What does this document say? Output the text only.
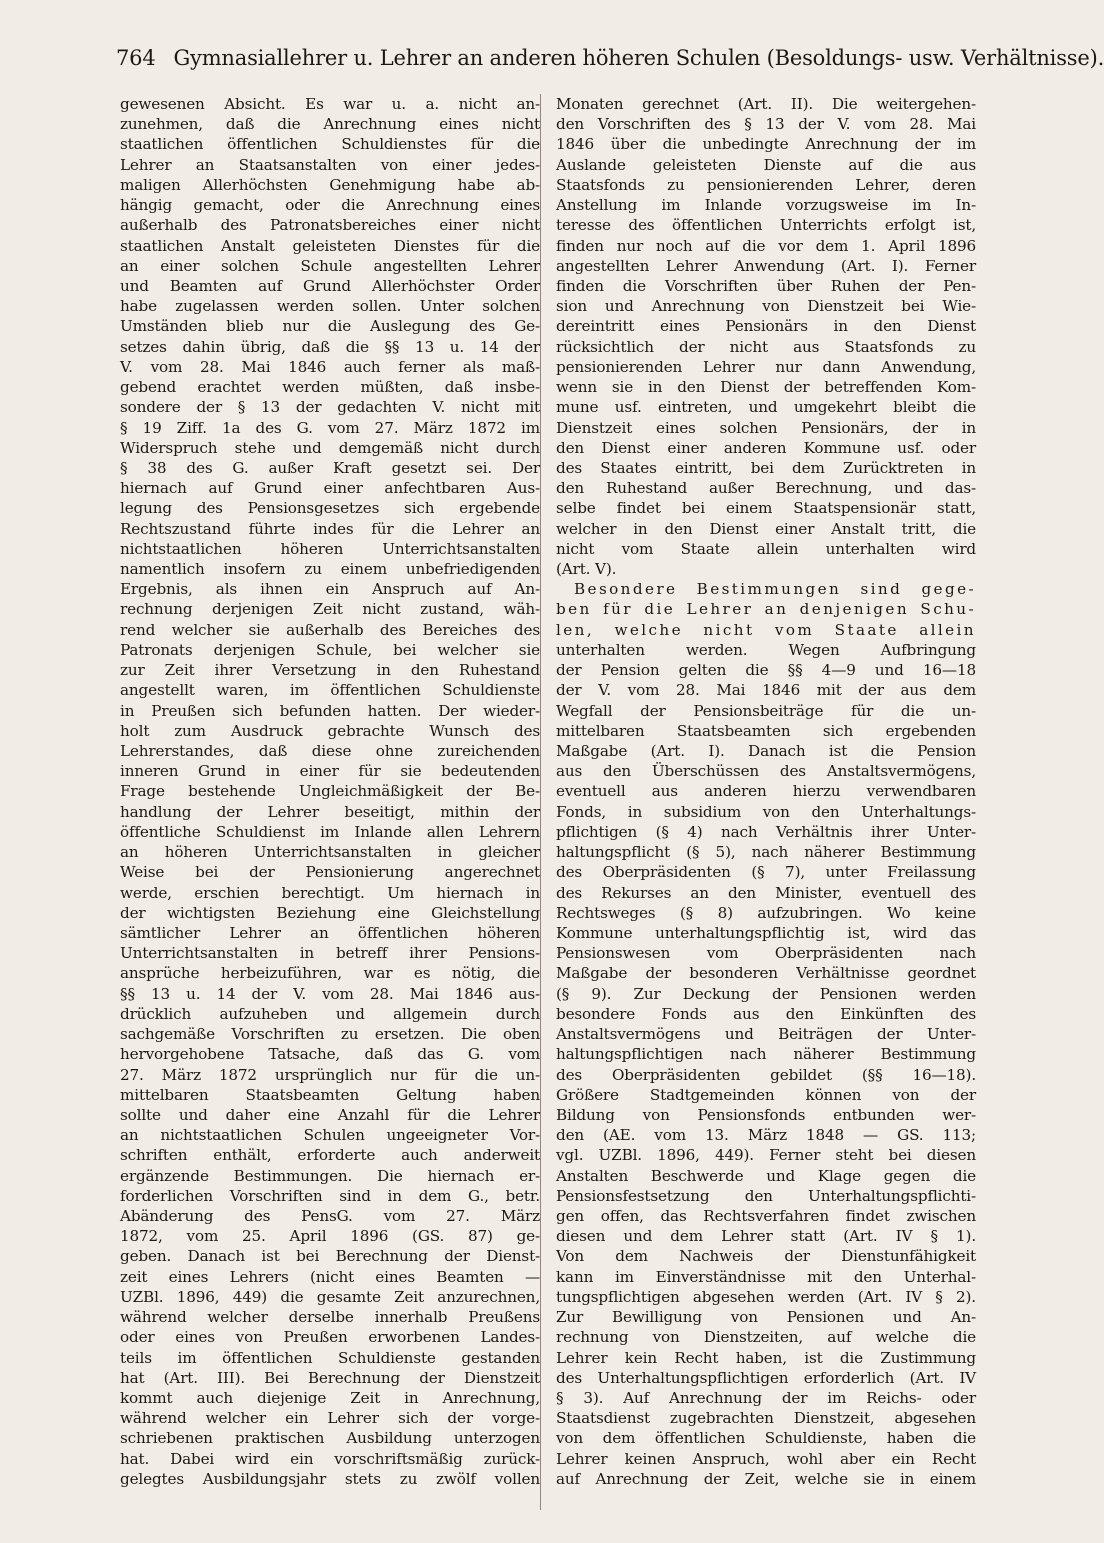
764 Gymnasiallehrer u. Lehrer an anderen höheren Schulen (Besoldungs- usw. Verhältnisse).
gewesenen Absicht. Es war u. a. nicht an-
zunehmen, daß die Anrechnung eines nicht
staatlichen öffentlichen Schuldienstes für die
Lehrer an Staatsanstalten von einer jedes-
maligen Allerhöchsten Genehmigung habe ab-
hängig gemacht, oder die Anrechnung eines
außerhalb des Patronatsbereiches einer nicht
staatlichen Anstalt geleisteten Dienstes für die
an einer solchen Schule angestellten Lehrer
und Beamten auf Grund Allerhöchster Order
habe zugelassen werden sollen. Unter solchen
Umständen blieb nur die Auslegung des Ge-
setzes dahin übrig, daß die §§ 13 u. 14 der
V. vom 28. Mai 1846 auch ferner als maß-
gebend erachtet werden müßten, daß insbe-
sondere der § 13 der gedachten V. nicht mit
§ 19 Ziff. 1a des G. vom 27. März 1872 im
Widerspruch stehe und demgemäß nicht durch
§ 38 des G. außer Kraft gesetzt sei. Der
hiernach auf Grund einer anfechtbaren Aus-
legung des Pensionsgesetzes sich ergebende
Rechtszustand führte indes für die Lehrer an
nichtstaatlichen höheren Unterrichtsanstalten
namentlich insofern zu einem unbefriedigenden
Ergebnis, als ihnen ein Anspruch auf An-
rechnung derjenigen Zeit nicht zustand, wäh-
rend welcher sie außerhalb des Bereiches des
Patronats derjenigen Schule, bei welcher sie
zur Zeit ihrer Versetzung in den Ruhestand
angestellt waren, im öffentlichen Schuldienste
in Preußen sich befunden hatten. Der wieder-
holt zum Ausdruck gebrachte Wunsch des
Lehrerstandes, daß diese ohne zureichenden
inneren Grund in einer für sie bedeutenden
Frage bestehende Ungleichmäßigkeit der Be-
handlung der Lehrer beseitigt, mithin der
öffentliche Schuldienst im Inlande allen Lehrern
an höheren Unterrichtsanstalten in gleicher
Weise bei der Pensionierung angerechnet
werde, erschien berechtigt. Um hiernach in
der wichtigsten Beziehung eine Gleichstellung
sämtlicher Lehrer an öffentlichen höheren
Unterrichtsanstalten in betreff ihrer Pensions-
ansprüche herbeizuführen, war es nötig, die
§§ 13 u. 14 der V. vom 28. Mai 1846 aus-
drücklich aufzuheben und allgemein durch
sachgemäße Vorschriften zu ersetzen. Die oben
hervorgehobene Tatsache, daß das G. vom
27. März 1872 ursprünglich nur für die un-
mittelbaren Staatsbeamten Geltung haben
sollte und daher eine Anzahl für die Lehrer
an nichtstaatlichen Schulen ungeeigneter Vor-
schriften enthält, erforderte auch anderweit
ergänzende Bestimmungen. Die hiernach er-
forderlichen Vorschriften sind in dem G., betr.
Abänderung des PensG. vom 27. März
1872, vom 25. April 1896 (GS. 87) ge-
geben. Danach ist bei Berechnung der Dienst-
zeit eines Lehrers (nicht eines Beamten —
UZBl. 1896, 449) die gesamte Zeit anzurechnen,
während welcher derselbe innerhalb Preußens
oder eines von Preußen erworbenen Landes-
teils im öffentlichen Schuldienste gestanden
hat (Art. III). Bei Berechnung der Dienstzeit
kommt auch diejenige Zeit in Anrechnung,
während welcher ein Lehrer sich der vorge-
schriebenen praktischen Ausbildung unterzogen
hat. Dabei wird ein vorschriftsmäßig zurück-
gelegtes Ausbildungsjahr stets zu zwölf vollen
Monaten gerechnet (Art. II). Die weitergehen-
den Vorschriften des § 13 der V. vom 28. Mai
1846 über die unbedingte Anrechnung der im
Auslande geleisteten Dienste auf die aus
Staatsfonds zu pensionierenden Lehrer, deren
Anstellung im Inlande vorzugsweise im In-
teresse des öffentlichen Unterrichts erfolgt ist,
finden nur noch auf die vor dem 1. April 1896
angestellten Lehrer Anwendung (Art. I). Ferner
finden die Vorschriften über Ruhen der Pen-
sion und Anrechnung von Dienstzeit bei Wie-
dereintritt eines Pensionärs in den Dienst
rücksichtlich der nicht aus Staatsfonds zu
pensionierenden Lehrer nur dann Anwendung,
wenn sie in den Dienst der betreffenden Kom-
mune usf. eintreten, und umgekehrt bleibt die
Dienstzeit eines solchen Pensionärs, der in
den Dienst einer anderen Kommune usf. oder
des Staates eintritt, bei dem Zurücktreten in
den Ruhestand außer Berechnung, und das-
selbe findet bei einem Staatspensionär statt,
welcher in den Dienst einer Anstalt tritt, die
nicht vom Staate allein unterhalten wird
(Art. V).
Besondere Bestimmungen sind gege-
ben für die Lehrer an denjenigen Schu-
len, welche nicht vom Staate allein
unterhalten werden. Wegen Aufbringung
der Pension gelten die §§ 4—9 und 16—18
der V. vom 28. Mai 1846 mit der aus dem
Wegfall der Pensionsbeiträge für die un-
mittelbaren Staatsbeamten sich ergebenden
Maßgabe (Art. I). Danach ist die Pension
aus den Überschüssen des Anstaltsvermögens,
eventuell aus anderen hierzu verwendbaren
Fonds, in subsidium von den Unterhaltungs-
pflichtigen (§ 4) nach Verhältnis ihrer Unter-
haltungspflicht (§ 5), nach näherer Bestimmung
des Oberpräsidenten (§ 7), unter Freilassung
des Rekurses an den Minister, eventuell des
Rechtsweges (§ 8) aufzubringen. Wo keine
Kommune unterhaltungspflichtig ist, wird das
Pensionswesen vom Oberpräsidenten nach
Maßgabe der besonderen Verhältnisse geordnet
(§ 9). Zur Deckung der Pensionen werden
besondere Fonds aus den Einkünften des
Anstaltsvermögens und Beiträgen der Unter-
haltungspflichtigen nach näherer Bestimmung
des Oberpräsidenten gebildet (§§ 16—18).
Größere Stadtgemeinden können von der
Bildung von Pensionsfonds entbunden wer-
den (AE. vom 13. März 1848 — GS. 113;
vgl. UZBl. 1896, 449). Ferner steht bei diesen
Anstalten Beschwerde und Klage gegen die
Pensionsfestsetzung den Unterhaltungspflichti-
gen offen, das Rechtsverfahren findet zwischen
diesen und dem Lehrer statt (Art. IV § 1).
Von dem Nachweis der Dienstunfähigkeit
kann im Einverständnisse mit den Unterhal-
tungspflichtigen abgesehen werden (Art. IV § 2).
Zur Bewilligung von Pensionen und An-
rechnung von Dienstzeiten, auf welche die
Lehrer kein Recht haben, ist die Zustimmung
des Unterhaltungspflichtigen erforderlich (Art. IV
§ 3). Auf Anrechnung der im Reichs- oder
Staatsdienst zugebrachten Dienstzeit, abgesehen
von dem öffentlichen Schuldienste, haben die
Lehrer keinen Anspruch, wohl aber ein Recht
auf Anrechnung der Zeit, welche sie in einem
